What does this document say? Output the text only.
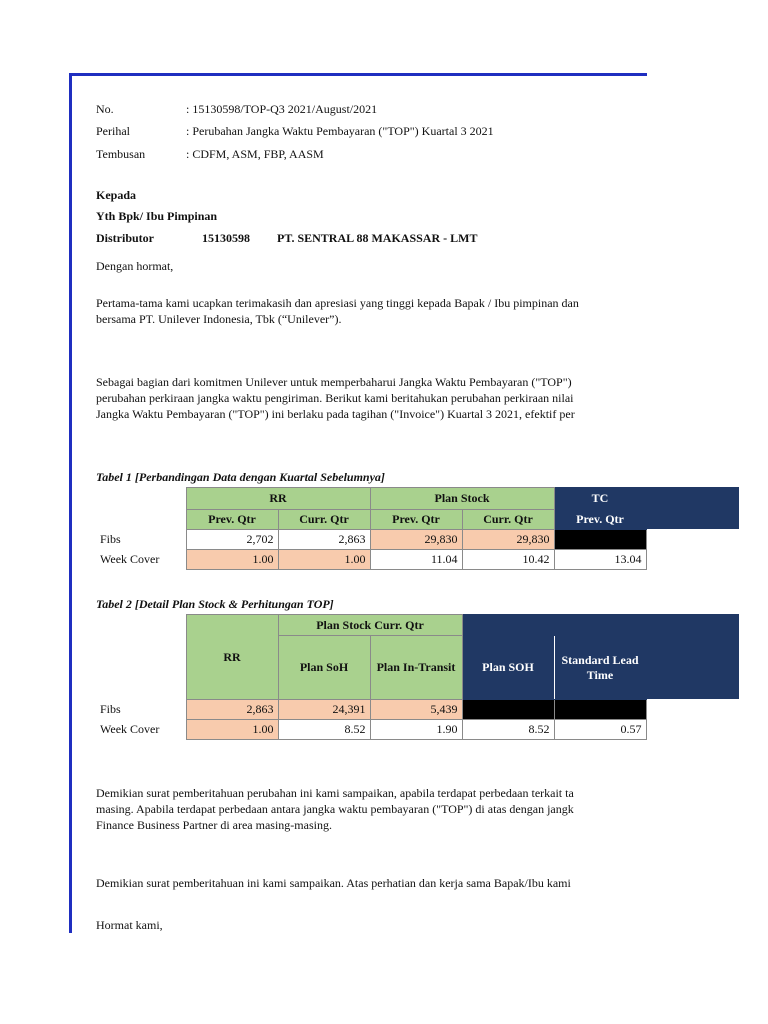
No.	: 15130598/TOP-Q3 2021/August/2021
Perihal	: Perubahan Jangka Waktu Pembayaran ("TOP") Kuartal 3 2021
Tembusan	: CDFM, ASM, FBP, AASM
Kepada
Yth Bpk/ Ibu Pimpinan
Distributor	15130598 PT. SENTRAL 88 MAKASSAR - LMT
Dengan hormat,
Pertama-tama kami ucapkan terimakasih dan apresiasi yang tinggi kepada Bapak / Ibu pimpinan dan
bersama PT. Unilever Indonesia, Tbk (“Unilever”).
Sebagai bagian dari komitmen Unilever untuk memperbaharui Jangka Waktu Pembayaran ("TOP")
perubahan perkiraan jangka waktu pengiriman. Berikut kami beritahukan perubahan perkiraan nilai
Jangka Waktu Pembayaran ("TOP") ini berlaku pada tagihan ("Invoice") Kuartal 3 2021, efektif per
Tabel 1 [Perbandingan Data dengan Kuartal Sebelumnya]
	RR		Plan Stock		TC
	Prev. Qtr	Curr. Qtr	Prev. Qtr	Curr. Qtr	Prev. Qtr
Fibs	2,702	2,863	29,830	29,830	
Week Cover	1.00	1.00	11.04	10.42	13.04
Tabel 2 [Detail Plan Stock & Perhitungan TOP]
	RR	Plan Stock Curr. Qtr			
		Plan SoH	Plan In-Transit	Plan SOH	Standard Lead Time
Fibs	2,863	24,391	5,439		
Week Cover	1.00	8.52	1.90	8.52	0.57
Demikian surat pemberitahuan perubahan ini kami sampaikan, apabila terdapat perbedaan terkait ta
masing. Apabila terdapat perbedaan antara jangka waktu pembayaran ("TOP") di atas dengan jangk
Finance Business Partner di area masing-masing.
Demikian surat pemberitahuan ini kami sampaikan. Atas perhatian dan kerja sama Bapak/Ibu kami
Hormat kami,
